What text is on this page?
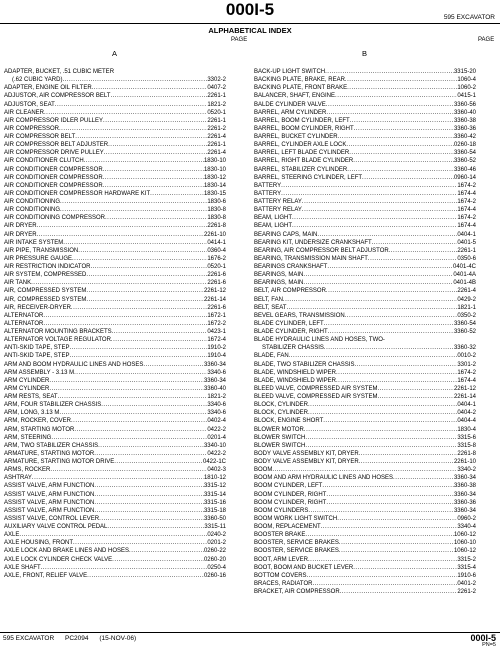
000I-5	595 EXCAVATOR
ALPHABETICAL INDEX
PAGE	PAGE
A	B
ADAPTER, BUCKET, .51 CUBIC METER
(.62 CUBIC YARD) .....	3302-2
ADAPTER, ENGINE OIL FILTER .....	0407-2
ADJUSTOR, AIR COMPRESSOR BELT .....	2261-1
ADJUSTOR, SEAT .....	1821-2
AIR CLEANER .....	0520-1
AIR COMPRESSOR IDLER PULLEY .....	2261-1
AIR COMPRESSOR .....	2261-2
AIR COMPRESSOR BELT .....	2261-4
AIR COMPRESSOR BELT ADJUSTER .....	2261-1
AIR COMPRESSOR DRIVE PULLEY .....	2261-4
AIR CONDITIONER CLUTCH .....	1830-10
AIR CONDITIONER COMPRESSOR .....	1830-10
AIR CONDITIONER COMPRESSOR .....	1830-12
AIR CONDITIONER COMPRESSOR .....	1830-14
AIR CONDITIONER COMPRESSOR HARDWARE KIT .....	1830-15
AIR CONDITIONING .....	1830-6
AIR CONDITIONING .....	1830-8
AIR CONDITIONING COMPRESSOR .....	1830-8
AIR DRYER .....	2261-8
AIR DRYER .....	2261-10
AIR INTAKE SYSTEM .....	0414-1
AIR PIPE, TRANSMISSION .....	0360-4
AIR PRESSURE GAUGE .....	1676-2
AIR RESTRICTION INDICATOR .....	0520-1
AIR SYSTEM, COMPRESSED .....	2261-6
AIR TANK .....	2261-6
AIR, COMPRESSED SYSTEM .....	2261-12
AIR, COMPRESSED SYSTEM .....	2261-14
AIR, RECEIVER-DRYER .....	2261-6
ALTERNATOR .....	1672-1
ALTERNATOR .....	1672-2
ALTERNATOR MOUNTING BRACKETS .....	0423-1
ALTERNATOR VOLTAGE REGULATOR .....	1672-4
ANTI-SKID TAPE, STEP .....	1910-2
ANTI-SKID TAPE, STEP .....	1910-4
ARM AND BOOM HYDRAULIC LINES AND HOSES .....	3360-34
ARM ASSEMBLY - 3.13 M .....	3340-6
ARM CYLINDER .....	3360-34
ARM CYLINDER .....	3360-40
ARM RESTS, SEAT .....	1821-2
ARM, FOUR STABILIZER CHASSIS .....	3340-6
ARM, LONG, 3.13 M .....	3340-6
ARM, ROCKER, COVER .....	0402-4
ARM, STARTING MOTOR .....	0422-2
ARM, STEERING .....	0201-4
ARM, TWO STABILIZER CHASSIS .....	3340-10
ARMATURE, STARTING MOTOR .....	0422-2
ARMATURE, STARTING MOTOR DRIVE .....	0422-1C
ARMS, ROCKER .....	0402-3
ASHTRAY .....	1810-12
ASSIST VALVE, ARM FUNCTION .....	3315-12
ASSIST VALVE, ARM FUNCTION .....	3315-14
ASSIST VALVE, ARM FUNCTION .....	3315-16
ASSIST VALVE, ARM FUNCTION .....	3315-18
ASSIST VALVE, CONTROL LEVER .....	3360-50
AUXILIARY VALVE CONTROL PEDAL .....	3315-11
AXLE .....	0240-2
AXLE HOUSING, FRONT .....	0201-2
AXLE LOCK AND BRAKE LINES AND HOSES .....	0260-22
AXLE LOCK CYLINDER CHECK VALVE .....	0260-20
AXLE SHAFT .....	0250-4
AXLE, FRONT, RELIEF VALVE .....	0260-16
BACK-UP LIGHT SWITCH .....	3315-20
BACKING PLATE, BRAKE, REAR .....	1060-4
BACKING PLATE, FRONT BRAKE .....	1060-2
BALANCER, SHAFT, ENGINE .....	0415-1
BALDE CYLINDER VALVE .....	3360-56
BARREL, ARM CYLINDER .....	3360-40
BARREL, BOOM CYLINDER, LEFT .....	3360-38
BARREL, BOOM CYLINDER, RIGHT .....	3360-36
BARREL, BUCKET CYLINDER .....	3360-42
BARREL, CYLINDER AXLE LOCK .....	0260-18
BARREL, LEFT BLADE CYLINDER .....	3360-54
BARREL, RIGHT BLADE CYLINDER .....	3360-52
BARREL, STABILIZER CYLINDER .....	3360-46
BARREL, STEERING CYLINDER, LEFT .....	0960-14
BATTERY .....	1674-2
BATTERY .....	1674-4
BATTERY RELAY .....	1674-2
BATTERY RELAY .....	1674-4
BEAM, LIGHT .....	1674-2
BEAM, LIGHT .....	1674-4
BEARING CAPS, MAIN .....	0404-1
BEARING KIT, UNDERSIZE CRANKSHAFT .....	0401-5
BEARING, AIR COMPRESSOR BELT ADJUSTOR .....	2261-1
BEARING, TRANSMISSION MAIN SHAFT .....	0350-6
BEARINGS CRANKSHAFT .....	0401-4C
BEARINGS, MAIN .....	0401-4A
BEARINGS, MAIN .....	0401-4B
BELT, AIR COMPRESSOR .....	2261-4
BELT, FAN .....	0429-2
BELT, SEAT .....	1821-1
BEVEL GEARS, TRANSMISSION .....	0350-2
BLADE CYLINDER, LEFT .....	3360-54
BLADE CYLINDER, RIGHT .....	3360-52
BLADE HYDRAULIC LINES AND HOSES, TWO-
STABILIZER CHASSIS .....	3360-32
BLADE, FAN .....	0010-2
BLADE, TWO STABILIZER CHASSIS .....	3301-2
BLADE, WINDSHIELD WIPER .....	1674-2
BLADE, WINDSHIELD WIPER .....	1674-4
BLEED VALVE, COMPRESSED AIR SYSTEM .....	2261-12
BLEED VALVE, COMPRESSED AIR SYSTEM .....	2261-14
BLOCK, CYLINDER .....	0404-1
BLOCK, CYLINDER .....	0404-2
BLOCK, ENGINE SHORT .....	0404-4
BLOWER MOTOR .....	1830-4
BLOWER SWITCH .....	3315-6
BLOWER SWITCH .....	3315-8
BODY VALVE ASSEMBLY KIT, DRYER .....	2261-8
BODY VALVE ASSEMBLY KIT, DRYER .....	2261-10
BOOM .....	3340-2
BOOM AND ARM HYDRAULIC LINES AND HOSES .....	3360-34
BOOM CYLINDER, LEFT .....	3360-38
BOOM CYLINDER, RIGHT .....	3360-34
BOOM CYLINDER, RIGHT .....	3360-36
BOOM CYLINDERS .....	3360-34
BOOM WORK LIGHT SWITCH .....	0960-2
BOOM, REPLACEMENT .....	3340-4
BOOSTER BRAKE .....	1060-12
BOOSTER, SERVICE BRAKES .....	1060-10
BOOSTER, SERVICE BRAKES .....	1060-12
BOOT, ARM LEVER .....	3315-2
BOOT, BOOM AND BUCKET LEVER .....	3315-4
BOTTOM COVERS .....	1910-6
BRACES, RADIATOR .....	0401-2
BRACKET, AIR COMPRESSOR .....	2261-2
595 EXCAVATOR      PC2094      (15-NOV-06)	000I-5
PN=5
